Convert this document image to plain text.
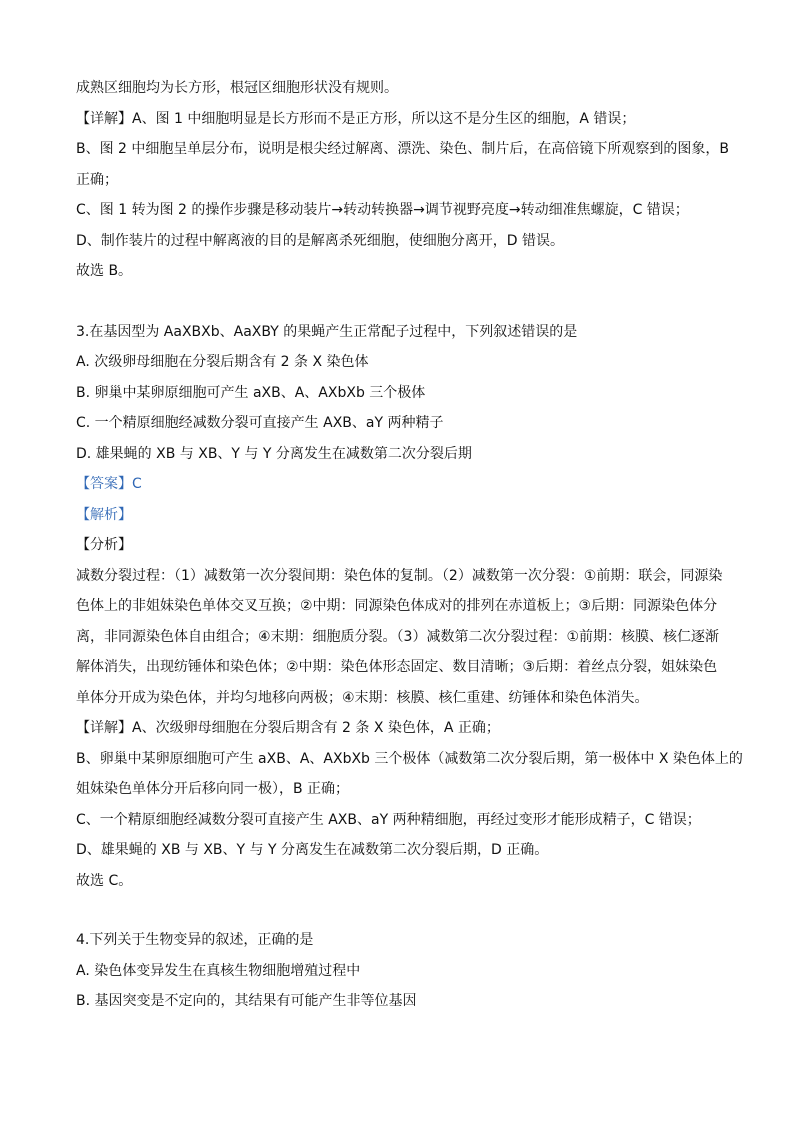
成熟区细胞均为长方形，根冠区细胞形状没有规则。
【详解】A、图 1 中细胞明显是长方形而不是正方形，所以这不是分生区的细胞，A 错误；
B、图 2 中细胞呈单层分布，说明是根尖经过解离、漂洗、染色、制片后，在高倍镜下所观察到的图象，B
正确；
C、图 1 转为图 2 的操作步骤是移动装片→转动转换器→调节视野亮度→转动细准焦螺旋，C 错误；
D、制作装片的过程中解离液的目的是解离杀死细胞，使细胞分离开，D 错误。
故选 B。
3.在基因型为 AaXBXb、AaXBY 的果蝇产生正常配子过程中，下列叙述错误的是
A. 次级卵母细胞在分裂后期含有 2 条 X 染色体
B. 卵巢中某卵原细胞可产生 aXB、A、AXbXb 三个极体
C. 一个精原细胞经减数分裂可直接产生 AXB、aY 两种精子
D. 雄果蝇的 XB 与 XB、Y 与 Y 分离发生在减数第二次分裂后期
【答案】C
【解析】
【分析】
减数分裂过程：（1）减数第一次分裂间期：染色体的复制。（2）减数第一次分裂：①前期：联会，同源染
色体上的非姐妹染色单体交叉互换；②中期：同源染色体成对的排列在赤道板上；③后期：同源染色体分
离，非同源染色体自由组合；④末期：细胞质分裂。（3）减数第二次分裂过程：①前期：核膜、核仁逐渐
解体消失，出现纺锤体和染色体；②中期：染色体形态固定、数目清晰；③后期：着丝点分裂，姐妹染色
单体分开成为染色体，并均匀地移向两极；④末期：核膜、核仁重建、纺锤体和染色体消失。
【详解】A、次级卵母细胞在分裂后期含有 2 条 X 染色体，A 正确；
B、卵巢中某卵原细胞可产生 aXB、A、AXbXb 三个极体（减数第二次分裂后期，第一极体中 X 染色体上的
姐妹染色单体分开后移向同一极），B 正确；
C、一个精原细胞经减数分裂可直接产生 AXB、aY 两种精细胞，再经过变形才能形成精子，C 错误；
D、雄果蝇的 XB 与 XB、Y 与 Y 分离发生在减数第二次分裂后期，D 正确。
故选 C。
4.下列关于生物变异的叙述，正确的是
A. 染色体变异发生在真核生物细胞增殖过程中
B. 基因突变是不定向的，其结果有可能产生非等位基因
